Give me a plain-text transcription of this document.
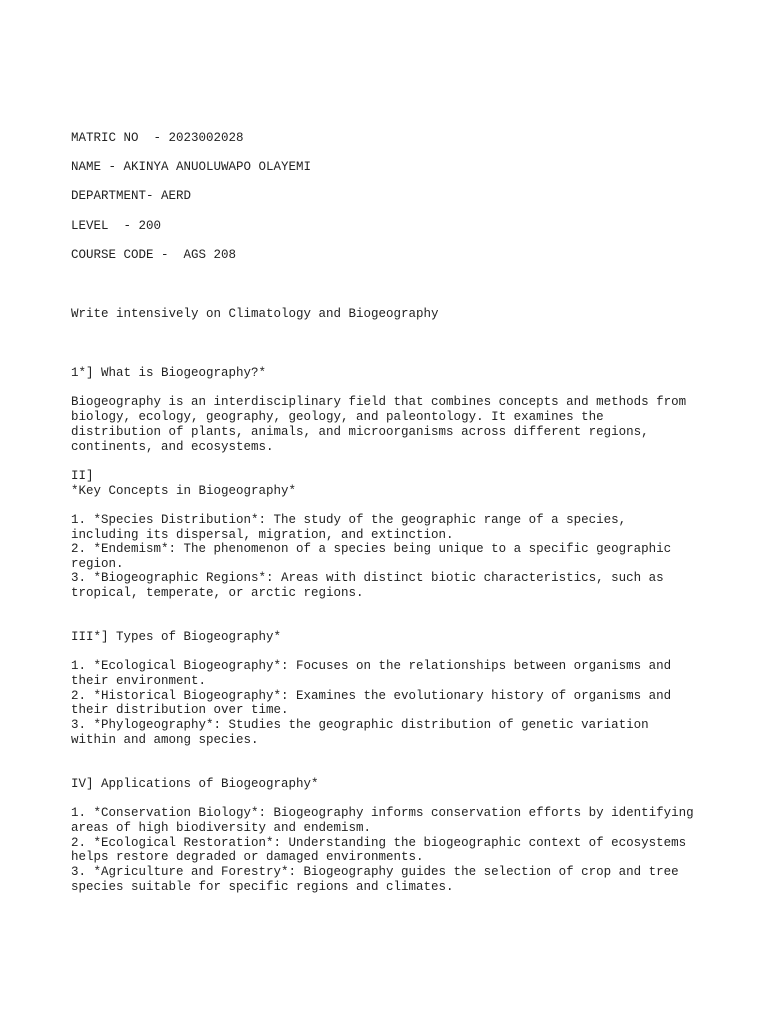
MATRIC NO  - 2023002028

NAME - AKINYA ANUOLUWAPO OLAYEMI

DEPARTMENT- AERD

LEVEL  - 200

COURSE CODE -  AGS 208

Write intensively on Climatology and Biogeography

1*] What is Biogeography?*

Biogeography is an interdisciplinary field that combines concepts and methods from

biology, ecology, geography, geology, and paleontology. It examines the

distribution of plants, animals, and microorganisms across different regions,

continents, and ecosystems.

II]

*Key Concepts in Biogeography*

1. *Species Distribution*: The study of the geographic range of a species,

including its dispersal, migration, and extinction.

2. *Endemism*: The phenomenon of a species being unique to a specific geographic

region.

3. *Biogeographic Regions*: Areas with distinct biotic characteristics, such as

tropical, temperate, or arctic regions.

III*] Types of Biogeography*

1. *Ecological Biogeography*: Focuses on the relationships between organisms and

their environment.

2. *Historical Biogeography*: Examines the evolutionary history of organisms and

their distribution over time.

3. *Phylogeography*: Studies the geographic distribution of genetic variation

within and among species.

IV] Applications of Biogeography*

1. *Conservation Biology*: Biogeography informs conservation efforts by identifying

areas of high biodiversity and endemism.

2. *Ecological Restoration*: Understanding the biogeographic context of ecosystems

helps restore degraded or damaged environments.

3. *Agriculture and Forestry*: Biogeography guides the selection of crop and tree

species suitable for specific regions and climates.
